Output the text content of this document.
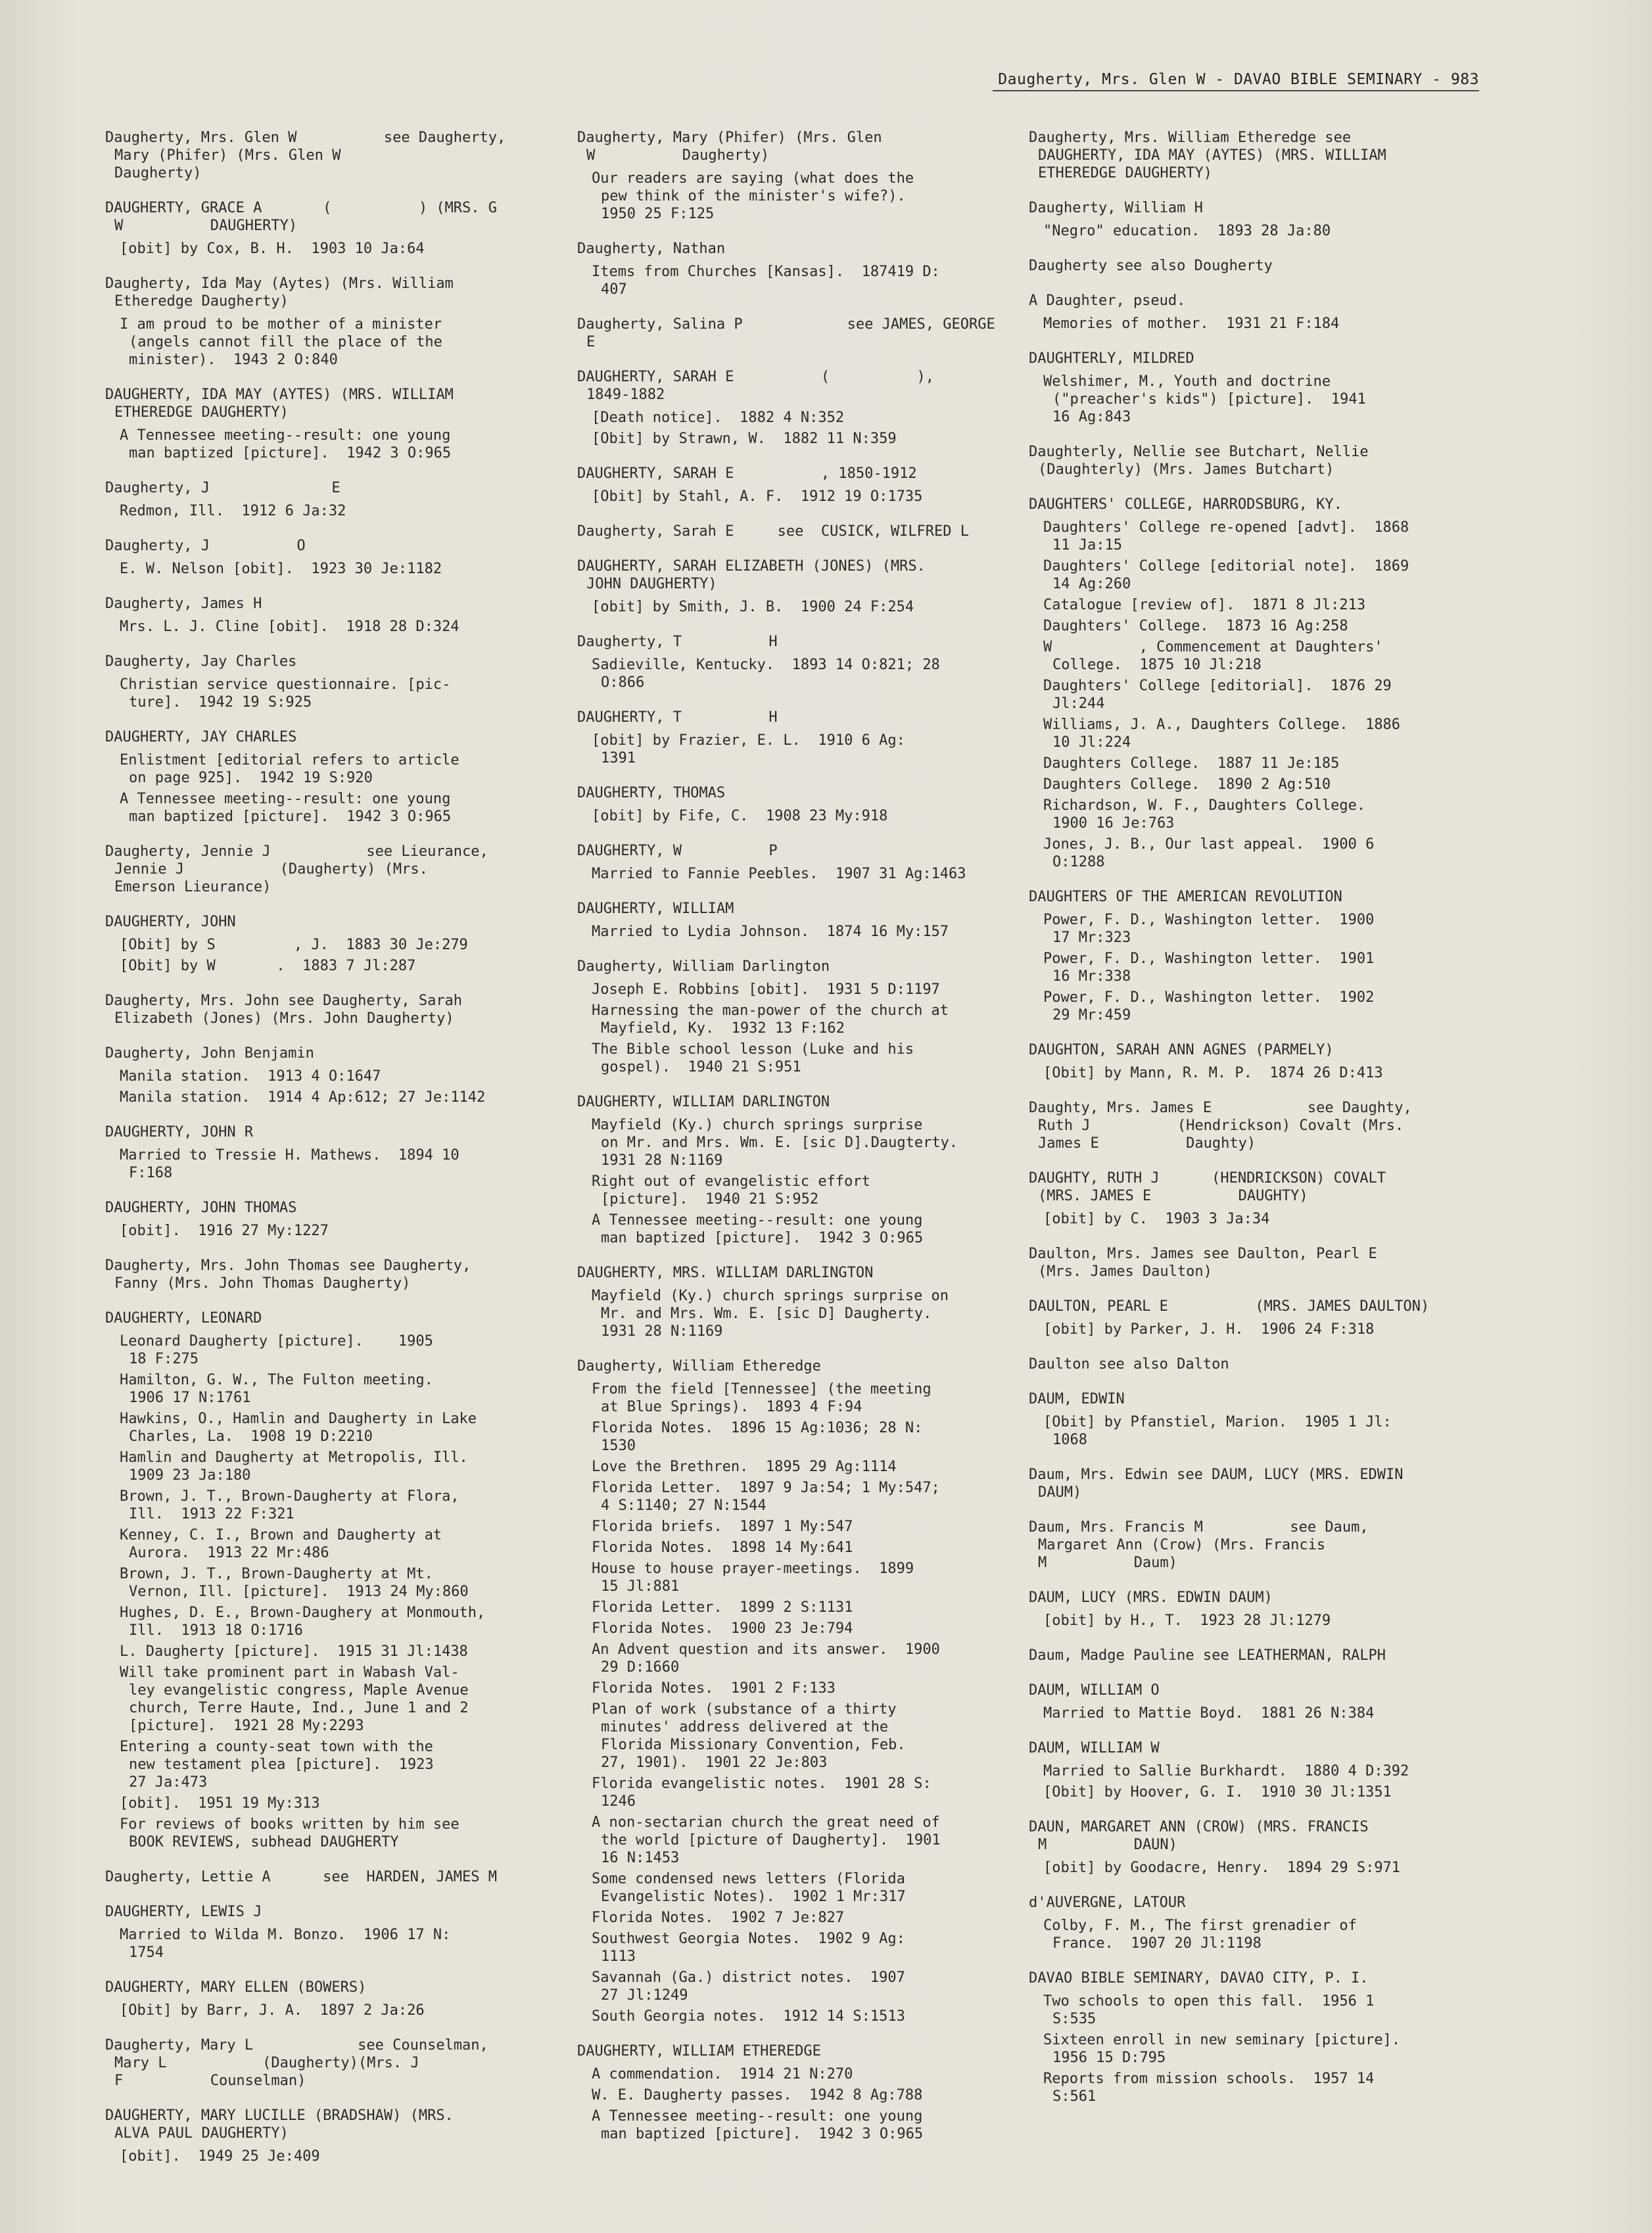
Daugherty, Mrs. Glen W - DAVAO BIBLE SEMINARY - 983
Daugherty, Mrs. Glen W          see Daugherty,
Mary (Phifer) (Mrs. Glen W
Daugherty)
DAUGHERTY, GRACE A       (          ) (MRS. G
W          DAUGHERTY)
[obit] by Cox, B. H.  1903 10 Ja:64
Daugherty, Ida May (Aytes) (Mrs. William
Etheredge Daugherty)
I am proud to be mother of a minister
(angels cannot fill the place of the
minister).  1943 2 O:840
DAUGHERTY, IDA MAY (AYTES) (MRS. WILLIAM
ETHEREDGE DAUGHERTY)
A Tennessee meeting--result: one young
man baptized [picture].  1942 3 O:965
Daugherty, J              E
Redmon, Ill.  1912 6 Ja:32
Daugherty, J          O
E. W. Nelson [obit].  1923 30 Je:1182
Daugherty, James H
Mrs. L. J. Cline [obit].  1918 28 D:324
Daugherty, Jay Charles
Christian service questionnaire. [pic-
ture].  1942 19 S:925
DAUGHERTY, JAY CHARLES
Enlistment [editorial refers to article
on page 925].  1942 19 S:920
A Tennessee meeting--result: one young
man baptized [picture].  1942 3 O:965
Daugherty, Jennie J           see Lieurance,
Jennie J           (Daugherty) (Mrs.
Emerson Lieurance)
DAUGHERTY, JOHN
[Obit] by S         , J.  1883 30 Je:279
[Obit] by W       .  1883 7 Jl:287
Daugherty, Mrs. John see Daugherty, Sarah
Elizabeth (Jones) (Mrs. John Daugherty)
Daugherty, John Benjamin
Manila station.  1913 4 O:1647
Manila station.  1914 4 Ap:612; 27 Je:1142
DAUGHERTY, JOHN R
Married to Tressie H. Mathews.  1894 10
F:168
DAUGHERTY, JOHN THOMAS
[obit].  1916 27 My:1227
Daugherty, Mrs. John Thomas see Daugherty,
Fanny (Mrs. John Thomas Daugherty)
DAUGHERTY, LEONARD
Leonard Daugherty [picture].    1905
18 F:275
Hamilton, G. W., The Fulton meeting.
1906 17 N:1761
Hawkins, O., Hamlin and Daugherty in Lake
Charles, La.  1908 19 D:2210
Hamlin and Daugherty at Metropolis, Ill.
1909 23 Ja:180
Brown, J. T., Brown-Daugherty at Flora,
Ill.  1913 22 F:321
Kenney, C. I., Brown and Daugherty at
Aurora.  1913 22 Mr:486
Brown, J. T., Brown-Daugherty at Mt.
Vernon, Ill. [picture].  1913 24 My:860
Hughes, D. E., Brown-Daughery at Monmouth,
Ill.  1913 18 O:1716
L. Daugherty [picture].  1915 31 Jl:1438
Will take prominent part in Wabash Val-
ley evangelistic congress, Maple Avenue
church, Terre Haute, Ind., June 1 and 2
[picture].  1921 28 My:2293
Entering a county-seat town with the
new testament plea [picture].  1923
27 Ja:473
[obit].  1951 19 My:313
For reviews of books written by him see
BOOK REVIEWS, subhead DAUGHERTY
Daugherty, Lettie A      see  HARDEN, JAMES M
DAUGHERTY, LEWIS J
Married to Wilda M. Bonzo.  1906 17 N:
1754
DAUGHERTY, MARY ELLEN (BOWERS)
[Obit] by Barr, J. A.  1897 2 Ja:26
Daugherty, Mary L            see Counselman,
Mary L           (Daugherty)(Mrs. J
F          Counselman)
DAUGHERTY, MARY LUCILLE (BRADSHAW) (MRS.
ALVA PAUL DAUGHERTY)
[obit].  1949 25 Je:409
Daugherty, Mary (Phifer) (Mrs. Glen
W          Daugherty)
Our readers are saying (what does the
pew think of the minister's wife?).
1950 25 F:125
Daugherty, Nathan
Items from Churches [Kansas].  187419 D:
407
Daugherty, Salina P            see JAMES, GEORGE
E
DAUGHERTY, SARAH E          (          ),
1849-1882
[Death notice].  1882 4 N:352
[Obit] by Strawn, W.  1882 11 N:359
DAUGHERTY, SARAH E          , 1850-1912
[Obit] by Stahl, A. F.  1912 19 O:1735
Daugherty, Sarah E     see  CUSICK, WILFRED L
DAUGHERTY, SARAH ELIZABETH (JONES) (MRS.
JOHN DAUGHERTY)
[obit] by Smith, J. B.  1900 24 F:254
Daugherty, T          H
Sadieville, Kentucky.  1893 14 O:821; 28
O:866
DAUGHERTY, T          H
[obit] by Frazier, E. L.  1910 6 Ag:
1391
DAUGHERTY, THOMAS
[obit] by Fife, C.  1908 23 My:918
DAUGHERTY, W          P
Married to Fannie Peebles.  1907 31 Ag:1463
DAUGHERTY, WILLIAM
Married to Lydia Johnson.  1874 16 My:157
Daugherty, William Darlington
Joseph E. Robbins [obit].  1931 5 D:1197
Harnessing the man-power of the church at
Mayfield, Ky.  1932 13 F:162
The Bible school lesson (Luke and his
gospel).  1940 21 S:951
DAUGHERTY, WILLIAM DARLINGTON
Mayfield (Ky.) church springs surprise
on Mr. and Mrs. Wm. E. [sic D].Daugterty.
1931 28 N:1169
Right out of evangelistic effort
[picture].  1940 21 S:952
A Tennessee meeting--result: one young
man baptized [picture].  1942 3 O:965
DAUGHERTY, MRS. WILLIAM DARLINGTON
Mayfield (Ky.) church springs surprise on
Mr. and Mrs. Wm. E. [sic D] Daugherty.
1931 28 N:1169
Daugherty, William Etheredge
From the field [Tennessee] (the meeting
at Blue Springs).  1893 4 F:94
Florida Notes.  1896 15 Ag:1036; 28 N:
1530
Love the Brethren.  1895 29 Ag:1114
Florida Letter.  1897 9 Ja:54; 1 My:547;
4 S:1140; 27 N:1544
Florida briefs.  1897 1 My:547
Florida Notes.  1898 14 My:641
House to house prayer-meetings.  1899
15 Jl:881
Florida Letter.  1899 2 S:1131
Florida Notes.  1900 23 Je:794
An Advent question and its answer.  1900
29 D:1660
Florida Notes.  1901 2 F:133
Plan of work (substance of a thirty
minutes' address delivered at the
Florida Missionary Convention, Feb.
27, 1901).  1901 22 Je:803
Florida evangelistic notes.  1901 28 S:
1246
A non-sectarian church the great need of
the world [picture of Daugherty].  1901
16 N:1453
Some condensed news letters (Florida
Evangelistic Notes).  1902 1 Mr:317
Florida Notes.  1902 7 Je:827
Southwest Georgia Notes.  1902 9 Ag:
1113
Savannah (Ga.) district notes.  1907
27 Jl:1249
South Georgia notes.  1912 14 S:1513
DAUGHERTY, WILLIAM ETHEREDGE
A commendation.  1914 21 N:270
W. E. Daugherty passes.  1942 8 Ag:788
A Tennessee meeting--result: one young
man baptized [picture].  1942 3 O:965
Daugherty, Mrs. William Etheredge see
DAUGHERTY, IDA MAY (AYTES) (MRS. WILLIAM
ETHEREDGE DAUGHERTY)
Daugherty, William H
"Negro" education.  1893 28 Ja:80
Daugherty see also Dougherty
A Daughter, pseud.
Memories of mother.  1931 21 F:184
DAUGHTERLY, MILDRED
Welshimer, M., Youth and doctrine
("preacher's kids") [picture].  1941
16 Ag:843
Daughterly, Nellie see Butchart, Nellie
(Daughterly) (Mrs. James Butchart)
DAUGHTERS' COLLEGE, HARRODSBURG, KY.
Daughters' College re-opened [advt].  1868
11 Ja:15
Daughters' College [editorial note].  1869
14 Ag:260
Catalogue [review of].  1871 8 Jl:213
Daughters' College.  1873 16 Ag:258
W          , Commencement at Daughters'
College.  1875 10 Jl:218
Daughters' College [editorial].  1876 29
Jl:244
Williams, J. A., Daughters College.  1886
10 Jl:224
Daughters College.  1887 11 Je:185
Daughters College.  1890 2 Ag:510
Richardson, W. F., Daughters College.
1900 16 Je:763
Jones, J. B., Our last appeal.  1900 6
O:1288
DAUGHTERS OF THE AMERICAN REVOLUTION
Power, F. D., Washington letter.  1900
17 Mr:323
Power, F. D., Washington letter.  1901
16 Mr:338
Power, F. D., Washington letter.  1902
29 Mr:459
DAUGHTON, SARAH ANN AGNES (PARMELY)
[Obit] by Mann, R. M. P.  1874 26 D:413
Daughty, Mrs. James E           see Daughty,
Ruth J          (Hendrickson) Covalt (Mrs.
James E          Daughty)
DAUGHTY, RUTH J      (HENDRICKSON) COVALT
(MRS. JAMES E          DAUGHTY)
[obit] by C.  1903 3 Ja:34
Daulton, Mrs. James see Daulton, Pearl E
(Mrs. James Daulton)
DAULTON, PEARL E          (MRS. JAMES DAULTON)
[obit] by Parker, J. H.  1906 24 F:318
Daulton see also Dalton
DAUM, EDWIN
[Obit] by Pfanstiel, Marion.  1905 1 Jl:
1068
Daum, Mrs. Edwin see DAUM, LUCY (MRS. EDWIN
DAUM)
Daum, Mrs. Francis M          see Daum,
Margaret Ann (Crow) (Mrs. Francis
M          Daum)
DAUM, LUCY (MRS. EDWIN DAUM)
[obit] by H., T.  1923 28 Jl:1279
Daum, Madge Pauline see LEATHERMAN, RALPH
DAUM, WILLIAM O
Married to Mattie Boyd.  1881 26 N:384
DAUM, WILLIAM W
Married to Sallie Burkhardt.  1880 4 D:392
[Obit] by Hoover, G. I.  1910 30 Jl:1351
DAUN, MARGARET ANN (CROW) (MRS. FRANCIS
M          DAUN)
[obit] by Goodacre, Henry.  1894 29 S:971
d'AUVERGNE, LATOUR
Colby, F. M., The first grenadier of
France.  1907 20 Jl:1198
DAVAO BIBLE SEMINARY, DAVAO CITY, P. I.
Two schools to open this fall.  1956 1
S:535
Sixteen enroll in new seminary [picture].
1956 15 D:795
Reports from mission schools.  1957 14
S:561
